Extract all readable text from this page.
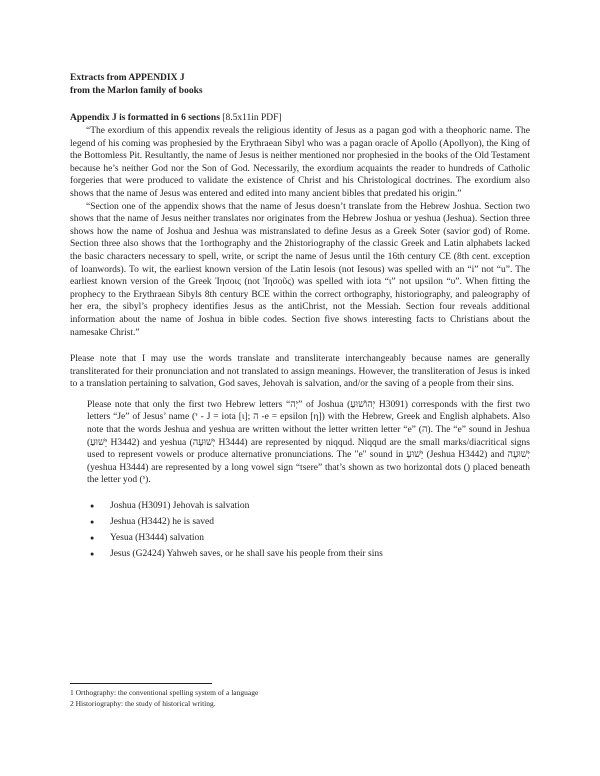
Extracts from APPENDIX J
from the Marlon family of books
Appendix J is formatted in 6 sections [8.5x11in PDF]

“The exordium of this appendix reveals the religious identity of Jesus as a pagan god with a theophoric name. The legend of his coming was prophesied by the Erythraean Sibyl who was a pagan oracle of Apollo (Apollyon), the King of the Bottomless Pit. Resultantly, the name of Jesus is neither mentioned nor prophesied in the books of the Old Testament because he’s neither God nor the Son of God. Necessarily, the exordium acquaints the reader to hundreds of Catholic forgeries that were produced to validate the existence of Christ and his Christological doctrines. The exordium also shows that the name of Jesus was entered and edited into many ancient bibles that predated his origin.”

“Section one of the appendix shows that the name of Jesus doesn’t translate from the Hebrew Joshua. Section two shows that the name of Jesus neither translates nor originates from the Hebrew Joshua or yeshua (Jeshua). Section three shows how the name of Joshua and Jeshua was mistranslated to define Jesus as a Greek Soter (savior god) of Rome. Section three also shows that the 1orthography and the 2historiography of the classic Greek and Latin alphabets lacked the basic characters necessary to spell, write, or script the name of Jesus until the 16th century CE (8th cent. exception of loanwords). To wit, the earliest known version of the Latin Iesois (not Iesous) was spelled with an “i” not “u”. The earliest known version of the Greek Ἰησοις (not Ἰησοῦς) was spelled with iota “ι” not upsilon “υ”. When fitting the prophecy to the Erythraean Sibyls 8th century BCE within the correct orthography, historiography, and paleography of her era, the sibyl’s prophecy identifies Jesus as the antiChrist, not the Messiah. Section four reveals additional information about the name of Joshua in bible codes. Section five shows interesting facts to Christians about the namesake Christ.”

Please note that I may use the words translate and transliterate interchangeably because names are generally transliterated for their pronunciation and not translated to assign meanings. However, the transliteration of Jesus is inked to a translation pertaining to salvation, God saves, Jehovah is salvation, and/or the saving of a people from their sins.

Please note that only the first two Hebrew letters “יְה” of Joshua (יְהוֹשׁוּעַ H3091) corresponds with the first two letters “Je” of Jesus’ name (י - J = iota [ι]; ה -e = epsilon [η]) with the Hebrew, Greek and English alphabets. Also note that the words Jeshua and yeshua are written without the letter written letter “e” (ה). The “e” sound in Jeshua (יֵשׁוּעַ H3442) and yeshua (יְשׁוּעָה H3444) are represented by niqqud. Niqqud are the small marks/diacritical signs used to represent vowels or produce alternative pronunciations. The "e" sound in יֵשׁוּעַ (Jeshua H3442) and יְשׁוּעָה (yeshua H3444) are represented by a long vowel sign “tsere” that’s shown as two horizontal dots (ֵ) placed beneath the letter yod (י).

● Joshua (H3091) Jehovah is salvation
● Jeshua (H3442) he is saved
● Yesua (H3444) salvation
● Jesus (G2424) Yahweh saves, or he shall save his people from their sins
1 Orthography: the conventional spelling system of a language
2 Historiography: the study of historical writing.
